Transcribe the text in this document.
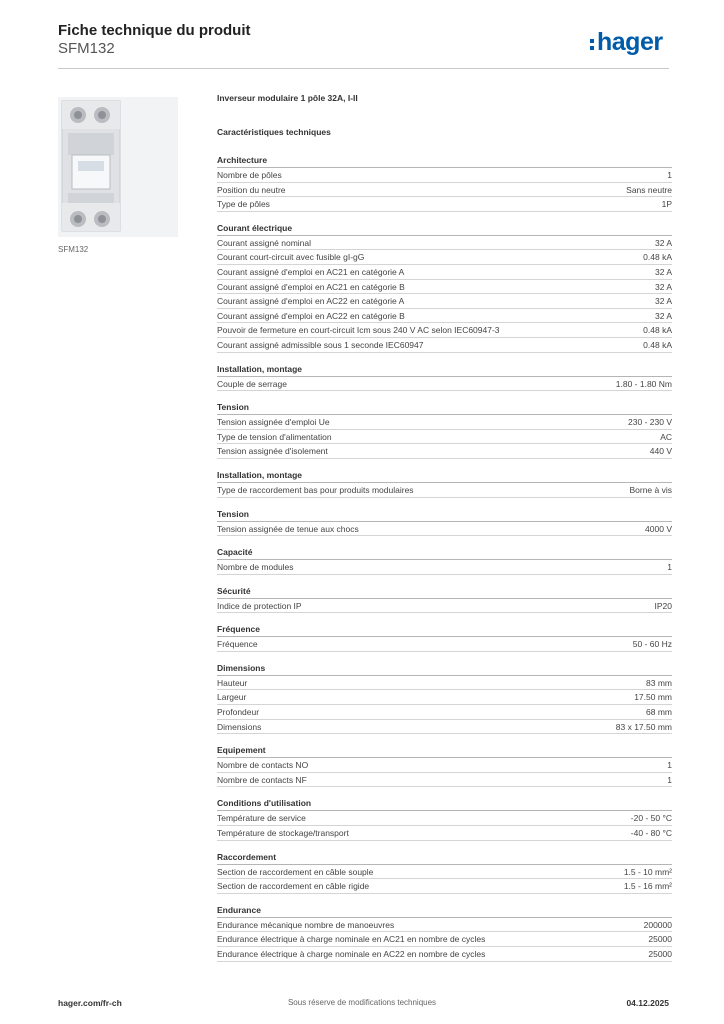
Fiche technique du produit
SFM132	hager
SFM132
Inverseur modulaire 1 pôle 32A, I-II
Caractéristiques techniques
Architecture
Nombre de pôles	1
Position du neutre	Sans neutre
Type de pôles	1P
Courant électrique
Courant assigné nominal	32 A
Courant court-circuit avec fusible gI-gG	0.48 kA
Courant assigné d'emploi en AC21 en catégorie A	32 A
Courant assigné d'emploi en AC21 en catégorie B	32 A
Courant assigné d'emploi en AC22 en catégorie A	32 A
Courant assigné d'emploi en AC22 en catégorie B	32 A
Pouvoir de fermeture en court-circuit Icm sous 240 V AC selon IEC60947-3	0.48 kA
Courant assigné admissible sous 1 seconde IEC60947	0.48 kA
Installation, montage
Couple de serrage	1.80 - 1.80 Nm
Tension
Tension assignée d'emploi Ue	230 - 230 V
Type de tension d'alimentation	AC
Tension assignée d'isolement	440 V
Installation, montage
Type de raccordement bas pour produits modulaires	Borne à vis
Tension
Tension assignée de tenue aux chocs	4000 V
Capacité
Nombre de modules	1
Sécurité
Indice de protection IP	IP20
Fréquence
Fréquence	50 - 60 Hz
Dimensions
Hauteur	83 mm
Largeur	17.50 mm
Profondeur	68 mm
Dimensions	83 x 17.50 mm
Equipement
Nombre de contacts NO	1
Nombre de contacts NF	1
Conditions d'utilisation
Température de service	-20 - 50 °C
Température de stockage/transport	-40 - 80 °C
Raccordement
Section de raccordement en câble souple	1.5 - 10 mm²
Section de raccordement en câble rigide	1.5 - 16 mm²
Endurance
Endurance mécanique nombre de manoeuvres	200000
Endurance électrique à charge nominale en AC21 en nombre de cycles	25000
Endurance électrique à charge nominale en AC22 en nombre de cycles	25000
hager.com/fr-ch	Sous réserve de modifications techniques	04.12.2025
